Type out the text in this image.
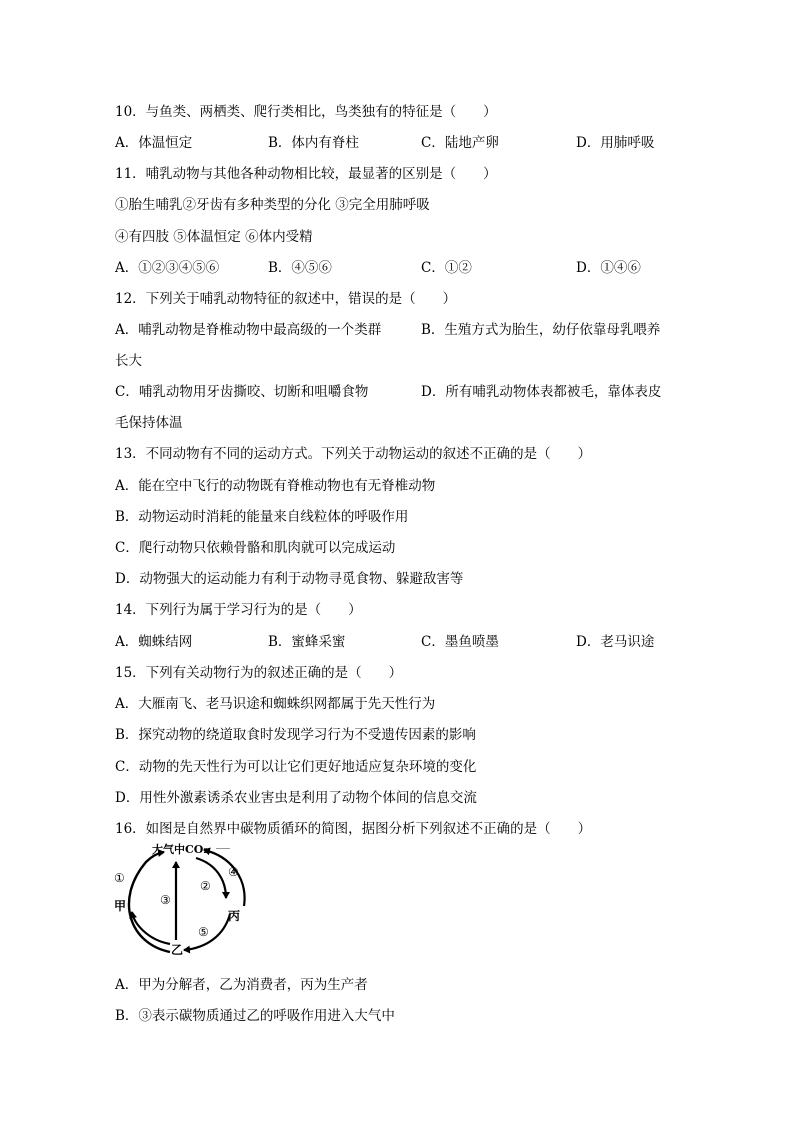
10．与鱼类、两栖类、爬行类相比，鸟类独有的特征是（　　）
A．体温恒定	B．体内有脊柱	C．陆地产卵	D．用肺呼吸
11．哺乳动物与其他各种动物相比较，最显著的区别是（　　）
①胎生哺乳②牙齿有多种类型的分化 ③完全用肺呼吸
④有四肢 ⑤体温恒定 ⑥体内受精
A．①②③④⑤⑥	B．④⑤⑥	C．①②	D．①④⑥
12．下列关于哺乳动物特征的叙述中，错误的是（　　）
A．哺乳动物是脊椎动物中最高级的一个类群	B．生殖方式为胎生，幼仔依靠母乳喂养
长大
C．哺乳动物用牙齿撕咬、切断和咀嚼食物	D．所有哺乳动物体表都被毛，靠体表皮
毛保持体温
13．不同动物有不同的运动方式。下列关于动物运动的叙述不正确的是（　　）
A．能在空中飞行的动物既有脊椎动物也有无脊椎动物
B．动物运动时消耗的能量来自线粒体的呼吸作用
C．爬行动物只依赖骨骼和肌肉就可以完成运动
D．动物强大的运动能力有利于动物寻觅食物、躲避敌害等
14．下列行为属于学习行为的是（　　）
A．蜘蛛结网	B．蜜蜂采蜜	C．墨鱼喷墨	D．老马识途
15．下列有关动物行为的叙述正确的是（　　）
A．大雁南飞、老马识途和蜘蛛织网都属于先天性行为
B．探究动物的绕道取食时发现学习行为不受遗传因素的影响
C．动物的先天性行为可以让它们更好地适应复杂环境的变化
D．用性外激素诱杀农业害虫是利用了动物个体间的信息交流
16．如图是自然界中碳物质循环的简图，据图分析下列叙述不正确的是（　　）
大气中CO₂
甲
丙
乙
①
②
③
④
⑤
A．甲为分解者，乙为消费者，丙为生产者
B．③表示碳物质通过乙的呼吸作用进入大气中
